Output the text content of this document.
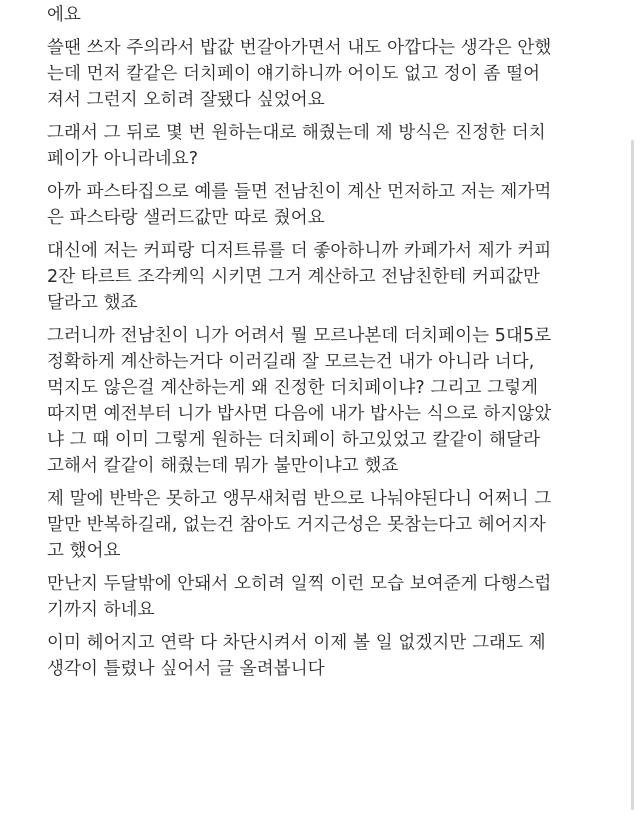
에요
쓸땐 쓰자 주의라서 밥값 번갈아가면서 내도 아깝다는 생각은 안했
는데 먼저 칼같은 더치페이 얘기하니까 어이도 없고 정이 좀 떨어
져서 그런지 오히려 잘됐다 싶었어요
그래서 그 뒤로 몇 번 원하는대로 해줬는데 제 방식은 진정한 더치
페이가 아니라네요?
아까 파스타집으로 예를 들면 전남친이 계산 먼저하고 저는 제가먹
은 파스타랑 샐러드값만 따로 줬어요
대신에 저는 커피랑 디저트류를 더 좋아하니까 카페가서 제가 커피
2잔 타르트 조각케익 시키면 그거 계산하고 전남친한테 커피값만
달라고 했죠
그러니까 전남친이 니가 어려서 뭘 모르나본데 더치페이는 5대5로
정확하게 계산하는거다 이러길래 잘 모르는건 내가 아니라 너다,
먹지도 않은걸 계산하는게 왜 진정한 더치페이냐? 그리고 그렇게
따지면 예전부터 니가 밥사면 다음에 내가 밥사는 식으로 하지않았
냐 그 때 이미 그렇게 원하는 더치페이 하고있었고 칼같이 해달라
고해서 칼같이 해줬는데 뭐가 불만이냐고 했죠
제 말에 반박은 못하고 앵무새처럼 반으로 나눠야된다니 어쩌니 그
말만 반복하길래, 없는건 참아도 거지근성은 못참는다고 헤어지자
고 했어요
만난지 두달밖에 안돼서 오히려 일찍 이런 모습 보여준게 다행스럽
기까지 하네요
이미 헤어지고 연락 다 차단시켜서 이제 볼 일 없겠지만 그래도 제
생각이 틀렸나 싶어서 글 올려봅니다
